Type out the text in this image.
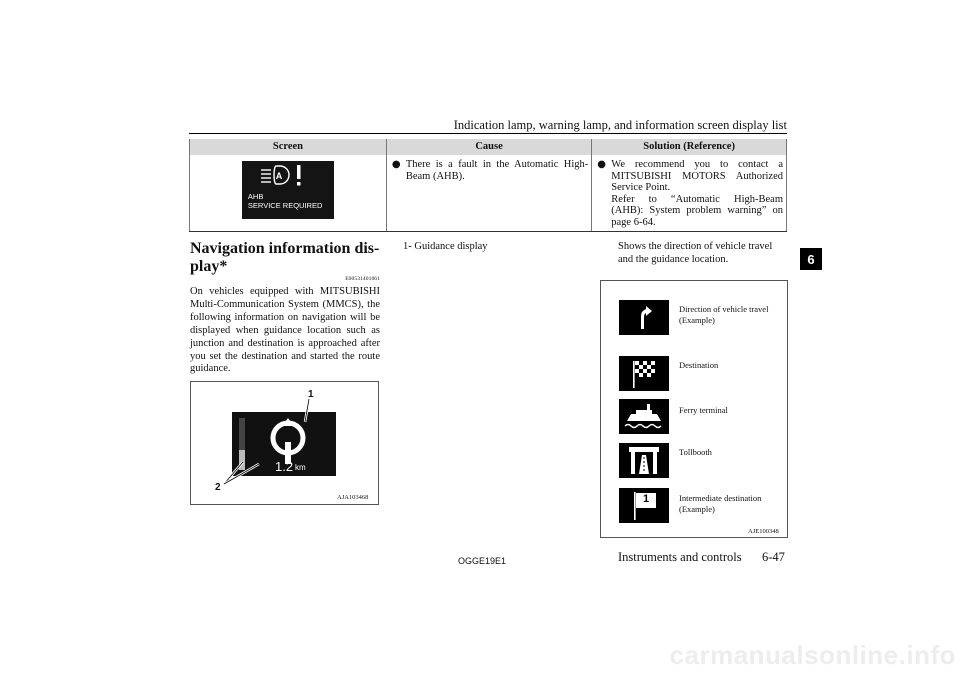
Indication lamp, warning lamp, and information screen display list
6
Screen	Cause	Solution (Reference)

A
AHB
SERVICE REQUIRED	● There is a fault in the Automatic High-Beam (AHB).	● We recommend you to contact a MITSUBISHI MOTORS Authorized Service Point.
Refer to “Automatic High-Beam (AHB): System problem warning” on page 6-64.
Navigation information dis-play*
E00531401061
On vehicles equipped with MITSUBISHI Multi-Communication System (MMCS), the following information on navigation will be displayed when guidance location such as junction and destination is approached after you set the destination and started the route guidance.
1
2
1.2 km
AJA103468
1- Guidance display	Shows the direction of vehicle travel and the guidance location.
Direction of vehicle travel
(Example)
Destination
Ferry terminal
Tollbooth
1	Intermediate destination
(Example)
AJE100348
OGGE19E1	Instruments and controls 6-47
carmanualsonline.info
